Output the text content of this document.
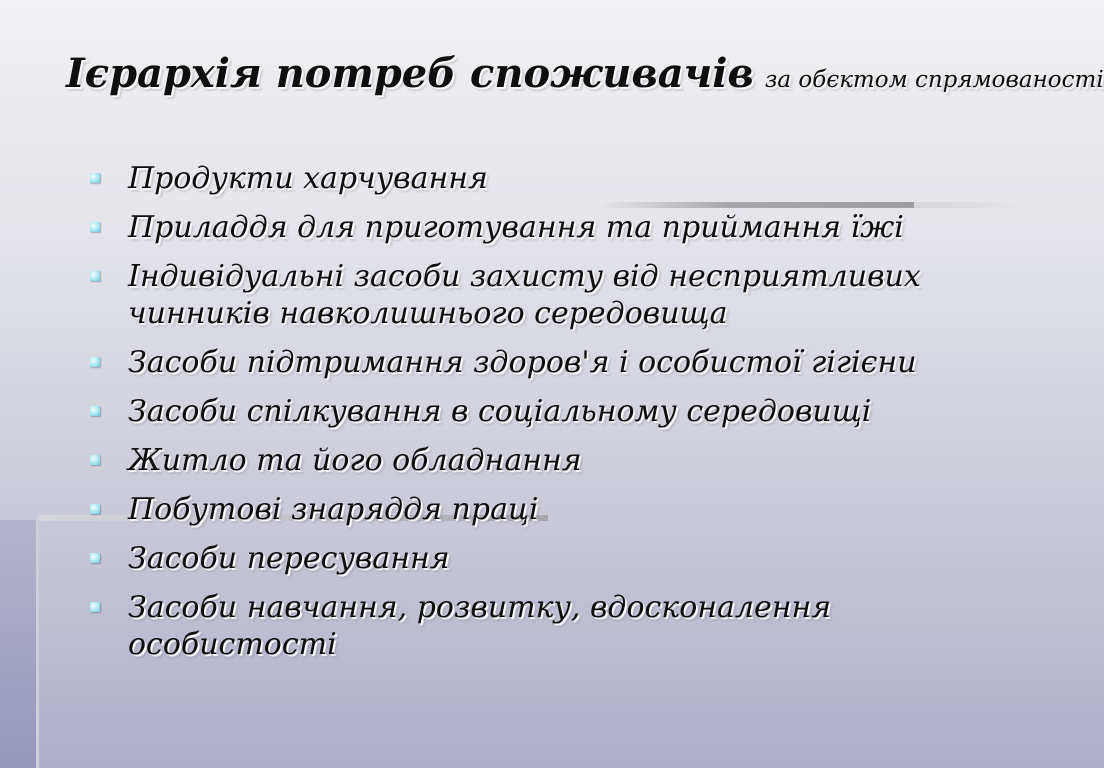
Ієрархія потреб споживачів за обєктом спрямованості
Продукти харчування
Приладдя для приготування та приймання їжі
Індивідуальні засоби захисту від несприятливих чинників навколишнього середовища
Засоби підтримання здоров'я і особистої гігієни
Засоби спілкування в соціальному середовищі
Житло та його обладнання
Побутові знаряддя праці
Засоби пересування
Засоби навчання, розвитку, вдосконалення особистості
